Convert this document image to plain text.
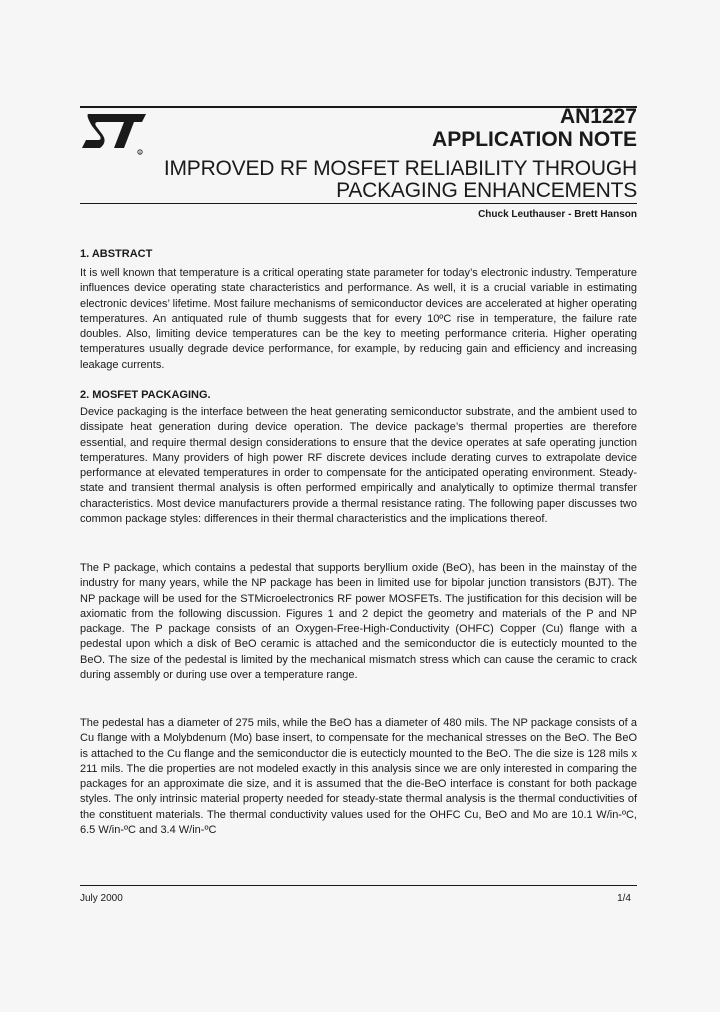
R
AN1227
APPLICATION NOTE
IMPROVED RF MOSFET RELIABILITY THROUGH
PACKAGING ENHANCEMENTS
Chuck Leuthauser - Brett Hanson
1. ABSTRACT

It is well known that temperature is a critical operating state parameter for today’s electronic industry. Temperature influences device operating state characteristics and performance. As well, it is a crucial variable in estimating electronic devices’ lifetime. Most failure mechanisms of semiconductor devices are accelerated at higher operating temperatures. An antiquated rule of thumb suggests that for every 10ºC rise in temperature, the failure rate doubles. Also, limiting device temperatures can be the key to meeting performance criteria. Higher operating temperatures usually degrade device performance, for example, by reducing gain and efficiency and increasing leakage currents.

2. MOSFET PACKAGING.

Device packaging is the interface between the heat generating semiconductor substrate, and the ambient used to dissipate heat generation during device operation. The device package’s thermal properties are therefore essential, and require thermal design considerations to ensure that the device operates at safe operating junction temperatures. Many providers of high power RF discrete devices include derating curves to extrapolate device performance at elevated temperatures in order to compensate for the anticipated operating environment. Steady-state and transient thermal analysis is often performed empirically and analytically to optimize thermal transfer characteristics. Most device manufacturers provide a thermal resistance rating. The following paper discusses two common package styles: differences in their thermal characteristics and the implications thereof.

The P package, which contains a pedestal that supports beryllium oxide (BeO), has been in the mainstay of the industry for many years, while the NP package has been in limited use for bipolar junction transistors (BJT). The NP package will be used for the STMicroelectronics RF power MOSFETs. The justification for this decision will be axiomatic from the following discussion. Figures 1 and 2 depict the geometry and materials of the P and NP package. The P package consists of an Oxygen-Free-High-Conductivity (OHFC) Copper (Cu) flange with a pedestal upon which a disk of BeO ceramic is attached and the semiconductor die is eutecticly mounted to the BeO. The size of the pedestal is limited by the mechanical mismatch stress which can cause the ceramic to crack during assembly or during use over a temperature range.

The pedestal has a diameter of 275 mils, while the BeO has a diameter of 480 mils. The NP package consists of a Cu flange with a Molybdenum (Mo) base insert, to compensate for the mechanical stresses on the BeO. The BeO is attached to the Cu flange and the semiconductor die is eutecticly mounted to the BeO. The die size is 128 mils x 211 mils. The die properties are not modeled exactly in this analysis since we are only interested in comparing the packages for an approximate die size, and it is assumed that the die-BeO interface is constant for both package styles. The only intrinsic material property needed for steady-state thermal analysis is the thermal conductivities of the constituent materials. The thermal conductivity values used for the OHFC Cu, BeO and Mo are 10.1 W/in-ºC, 6.5 W/in-ºC and 3.4 W/in-ºC

July 2000	1/4
